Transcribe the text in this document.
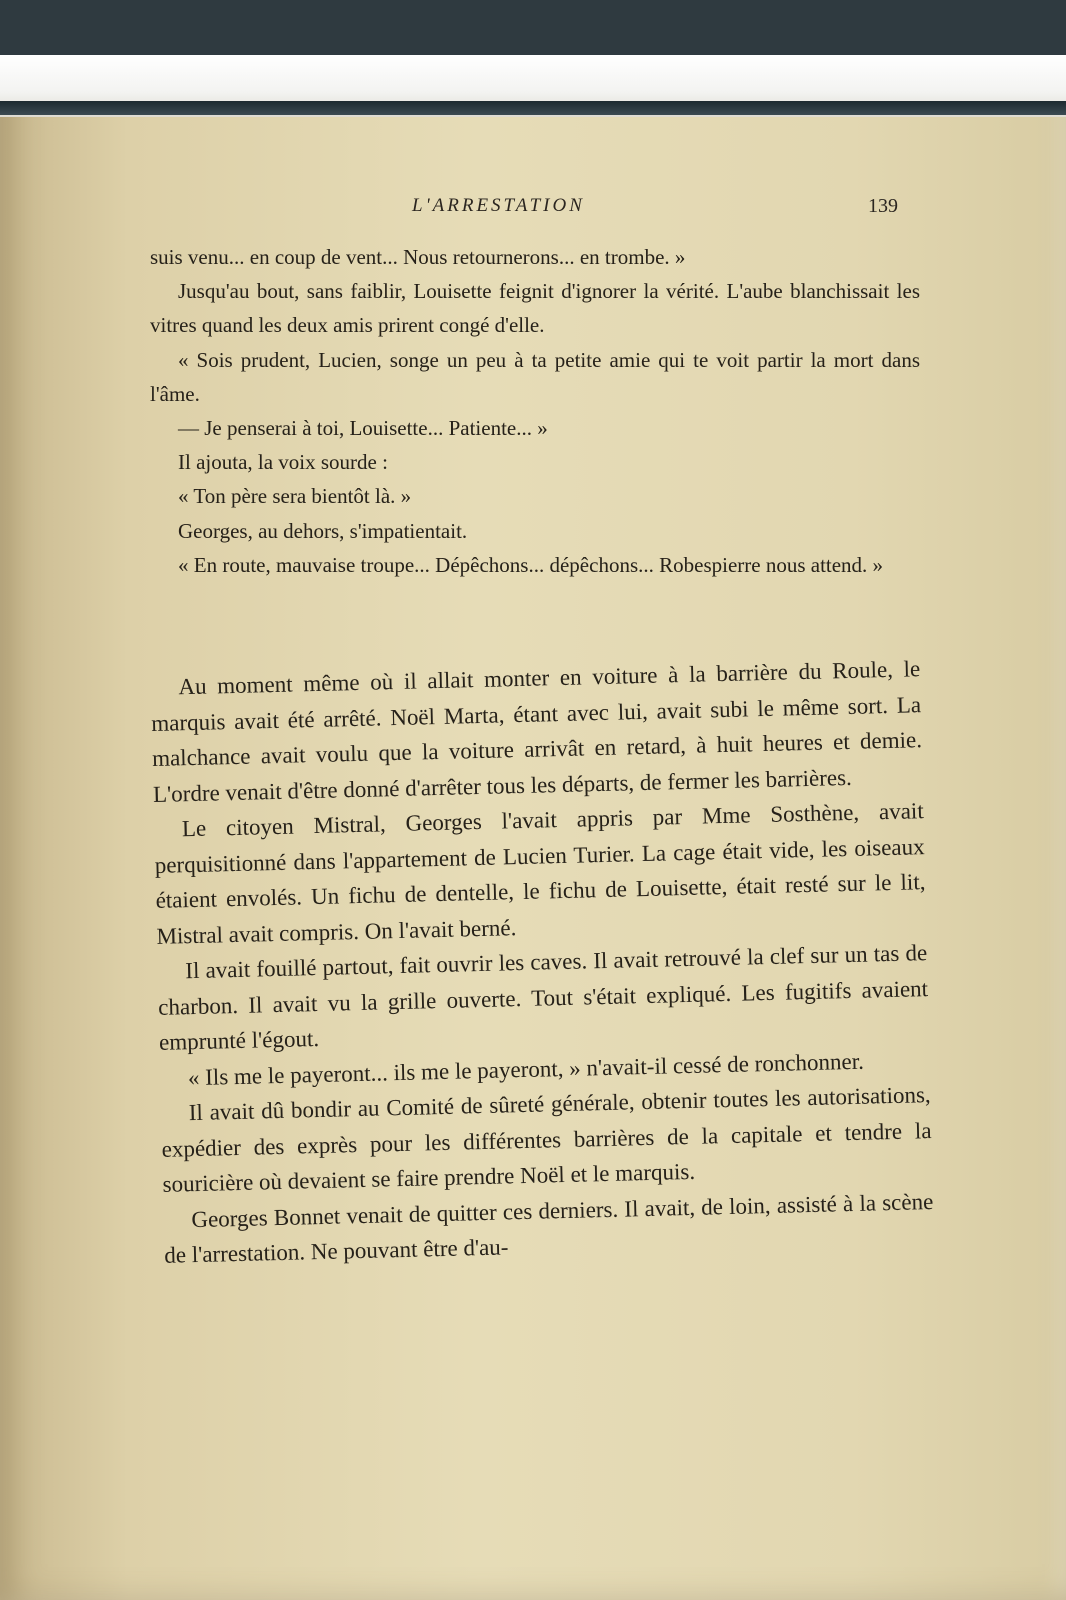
L'ARRESTATION	139

suis venu... en coup de vent... Nous retournerons... en trombe. »

Jusqu'au bout, sans faiblir, Louisette feignit d'ignorer la vérité. L'aube blanchissait les vitres quand les deux amis prirent congé d'elle.

« Sois prudent, Lucien, songe un peu à ta petite amie qui te voit partir la mort dans l'âme.

— Je penserai à toi, Louisette... Patiente... »

Il ajouta, la voix sourde :

« Ton père sera bientôt là. »

Georges, au dehors, s'impatientait.

« En route, mauvaise troupe... Dépêchons... dépêchons... Robespierre nous attend. »

Au moment même où il allait monter en voiture à la barrière du Roule, le marquis avait été arrêté. Noël Marta, étant avec lui, avait subi le même sort. La malchance avait voulu que la voiture arrivât en retard, à huit heures et demie. L'ordre venait d'être donné d'arrêter tous les départs, de fermer les barrières.

Le citoyen Mistral, Georges l'avait appris par Mme Sosthène, avait perquisitionné dans l'appartement de Lucien Turier. La cage était vide, les oiseaux étaient envolés. Un fichu de dentelle, le fichu de Louisette, était resté sur le lit, Mistral avait compris. On l'avait berné.

Il avait fouillé partout, fait ouvrir les caves. Il avait retrouvé la clef sur un tas de charbon. Il avait vu la grille ouverte. Tout s'était expliqué. Les fugitifs avaient emprunté l'égout.

« Ils me le payeront... ils me le payeront, » n'avait-il cessé de ronchonner.

Il avait dû bondir au Comité de sûreté générale, obtenir toutes les autorisations, expédier des exprès pour les différentes barrières de la capitale et tendre la souricière où devaient se faire prendre Noël et le marquis.

Georges Bonnet venait de quitter ces derniers. Il avait, de loin, assisté à la scène de l'arrestation. Ne pouvant être d'au-
